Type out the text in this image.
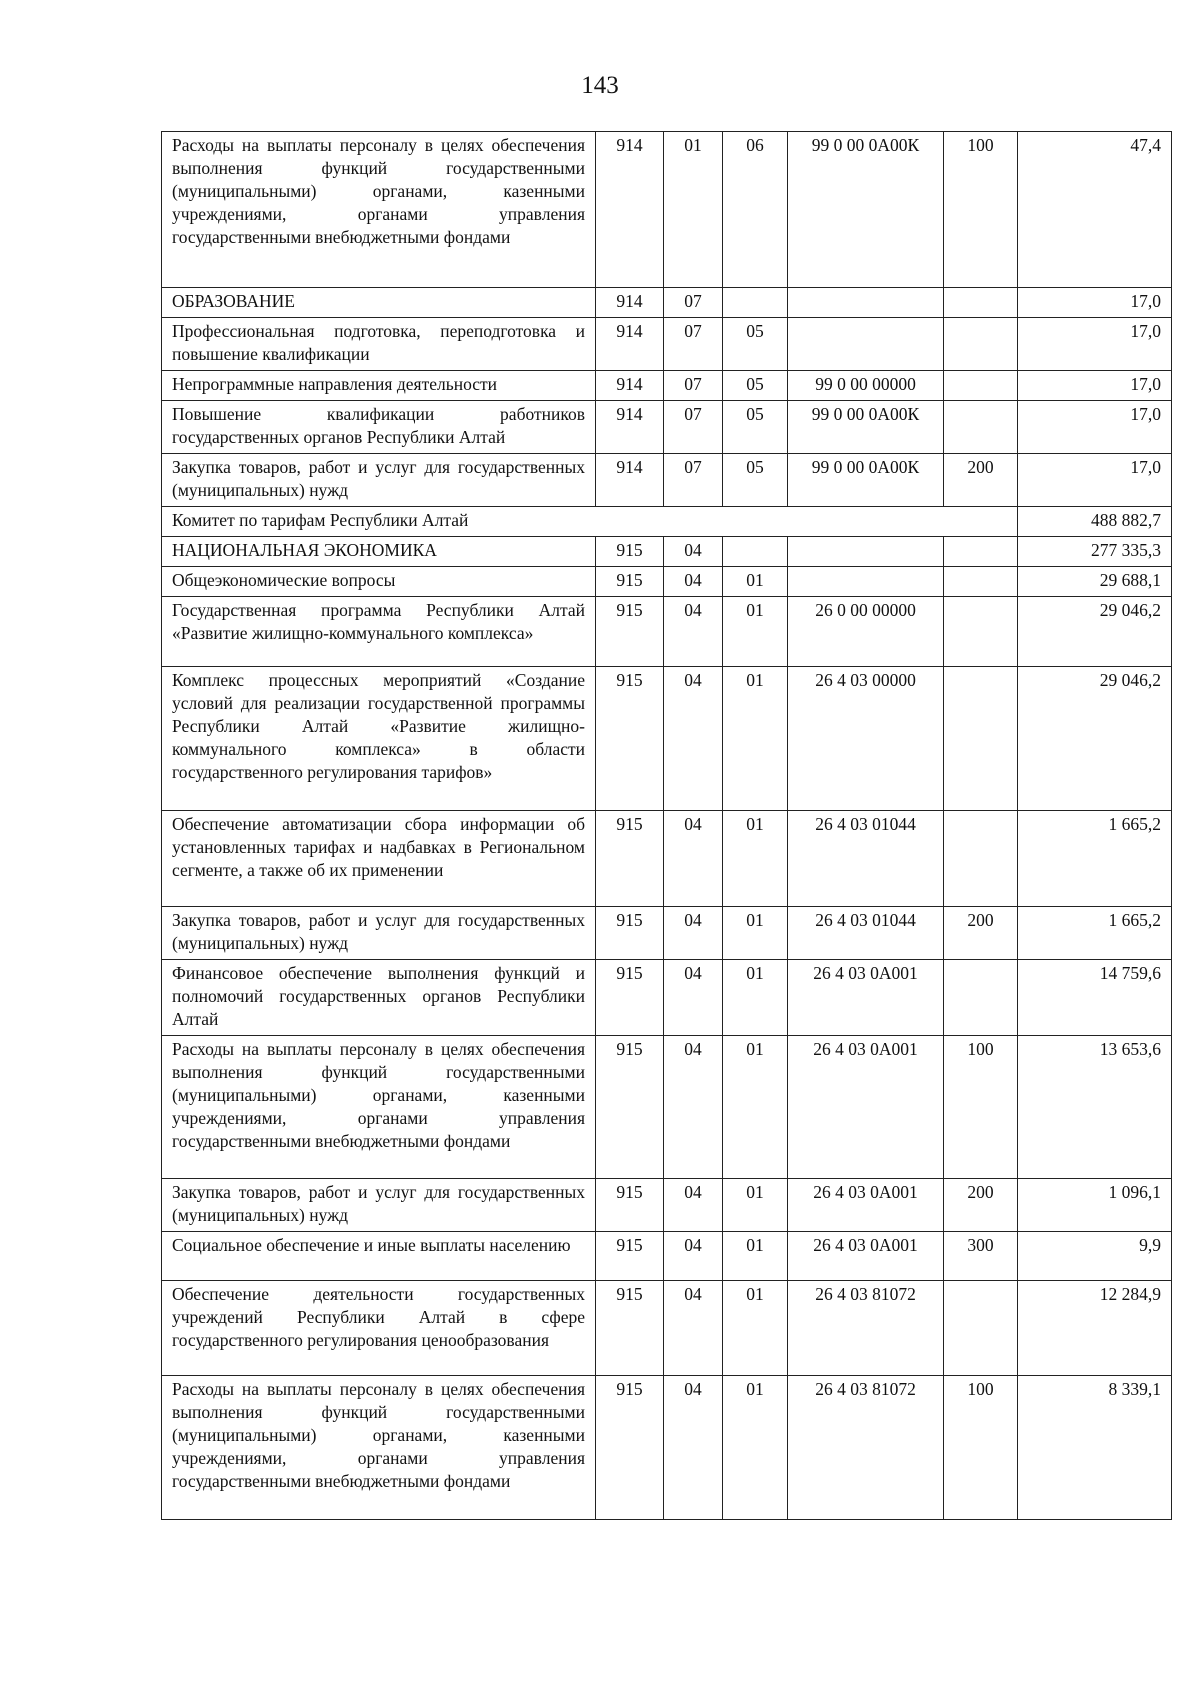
143
Расходы на выплаты персоналу в целях обеспечения выполнения функций государственными (муниципальными) органами, казенными учреждениями, органами управления государственными внебюджетными фондами	914	01	06	99 0 00 0А00К	100	47,4
ОБРАЗОВАНИЕ	914	07				17,0
Профессиональная подготовка, переподготовка и повышение квалификации	914	07	05			17,0
Непрограммные направления деятельности	914	07	05	99 0 00 00000		17,0
Повышение квалификации работников государственных органов Республики Алтай	914	07	05	99 0 00 0А00К		17,0
Закупка товаров, работ и услуг для государственных (муниципальных) нужд	914	07	05	99 0 00 0А00К	200	17,0
Комитет по тарифам Республики Алтай						488 882,7
НАЦИОНАЛЬНАЯ ЭКОНОМИКА	915	04				277 335,3
Общеэкономические вопросы	915	04	01			29 688,1
Государственная программа Республики Алтай «Развитие жилищно-коммунального комплекса»	915	04	01	26 0 00 00000		29 046,2
Комплекс процессных мероприятий «Создание условий для реализации государственной программы Республики Алтай «Развитие жилищно-коммунального комплекса» в области государственного регулирования тарифов»	915	04	01	26 4 03 00000		29 046,2
Обеспечение автоматизации сбора информации об установленных тарифах и надбавках в Региональном сегменте, а также об их применении	915	04	01	26 4 03 01044		1 665,2
Закупка товаров, работ и услуг для государственных (муниципальных) нужд	915	04	01	26 4 03 01044	200	1 665,2
Финансовое обеспечение выполнения функций и полномочий государственных органов Республики Алтай	915	04	01	26 4 03 0А001		14 759,6
Расходы на выплаты персоналу в целях обеспечения выполнения функций государственными (муниципальными) органами, казенными учреждениями, органами управления государственными внебюджетными фондами	915	04	01	26 4 03 0А001	100	13 653,6
Закупка товаров, работ и услуг для государственных (муниципальных) нужд	915	04	01	26 4 03 0А001	200	1 096,1
Социальное обеспечение и иные выплаты населению	915	04	01	26 4 03 0А001	300	9,9
Обеспечение деятельности государственных учреждений Республики Алтай в сфере государственного регулирования ценообразования	915	04	01	26 4 03 81072		12 284,9
Расходы на выплаты персоналу в целях обеспечения выполнения функций государственными (муниципальными) органами, казенными учреждениями, органами управления государственными внебюджетными фондами	915	04	01	26 4 03 81072	100	8 339,1
